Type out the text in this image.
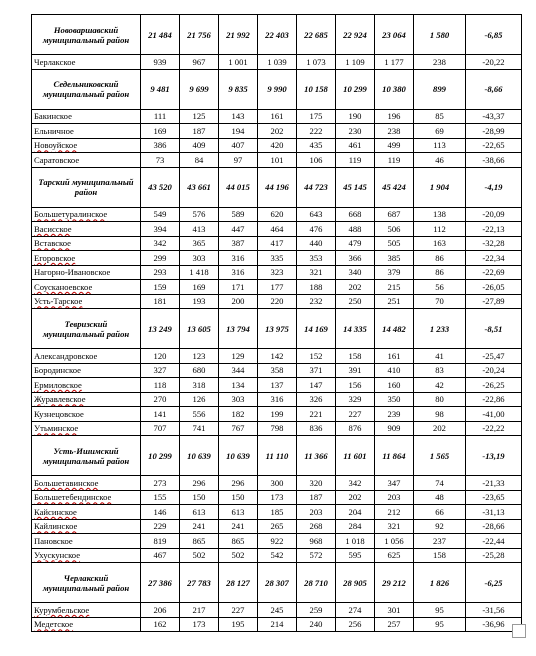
Нововаршавский муниципальный район	21 484	21 756	21 992	22 403	22 685	22 924	23 064	1 580	-6,85
Черлакское	939	967	1 001	1 039	1 073	1 109	1 177	238	-20,22
Седельниковский муниципальный район	9 481	9 699	9 835	9 990	10 158	10 299	10 380	899	-8,66
Бакинское	111	125	143	161	175	190	196	85	-43,37
Ельничное	169	187	194	202	222	230	238	69	-28,99
Новоуйское	386	409	407	420	435	461	499	113	-22,65
Саратовское	73	84	97	101	106	119	119	46	-38,66
Тарский муниципальный район	43 520	43 661	44 015	44 196	44 723	45 145	45 424	1 904	-4,19
Большетуралинское	549	576	589	620	643	668	687	138	-20,09
Васисское	394	413	447	464	476	488	506	112	-22,13
Вставское	342	365	387	417	440	479	505	163	-32,28
Егоровское	299	303	316	335	353	366	385	86	-22,34
Нагорно-Ивановское	293	1 418	316	323	321	340	379	86	-22,69
Соусканоевское	159	169	171	177	188	202	215	56	-26,05
Усть-Тарское	181	193	200	220	232	250	251	70	-27,89
Тевризский муниципальный район	13 249	13 605	13 794	13 975	14 169	14 335	14 482	1 233	-8,51
Александровское	120	123	129	142	152	158	161	41	-25,47
Бородинское	327	680	344	358	371	391	410	83	-20,24
Ермиловское	118	318	134	137	147	156	160	42	-26,25
Журавлевское	270	126	303	316	326	329	350	80	-22,86
Кузнецовское	141	556	182	199	221	227	239	98	-41,00
Утьминское	707	741	767	798	836	876	909	202	-22,22
Усть-Ишимский муниципальный район	10 299	10 639	10 639	11 110	11 366	11 601	11 864	1 565	-13,19
Большетавинское	273	296	296	300	320	342	347	74	-21,33
Большетебендинское	155	150	150	173	187	202	203	48	-23,65
Кайсинское	146	613	613	185	203	204	212	66	-31,13
Кайлинское	229	241	241	265	268	284	321	92	-28,66
Пановское	819	865	865	922	968	1 018	1 056	237	-22,44
Ухускунское	467	502	502	542	572	595	625	158	-25,28
Черлакский муниципальный район	27 386	27 783	28 127	28 307	28 710	28 905	29 212	1 826	-6,25
Курумбельское	206	217	227	245	259	274	301	95	-31,56
Медетское	162	173	195	214	240	256	257	95	-36,96
